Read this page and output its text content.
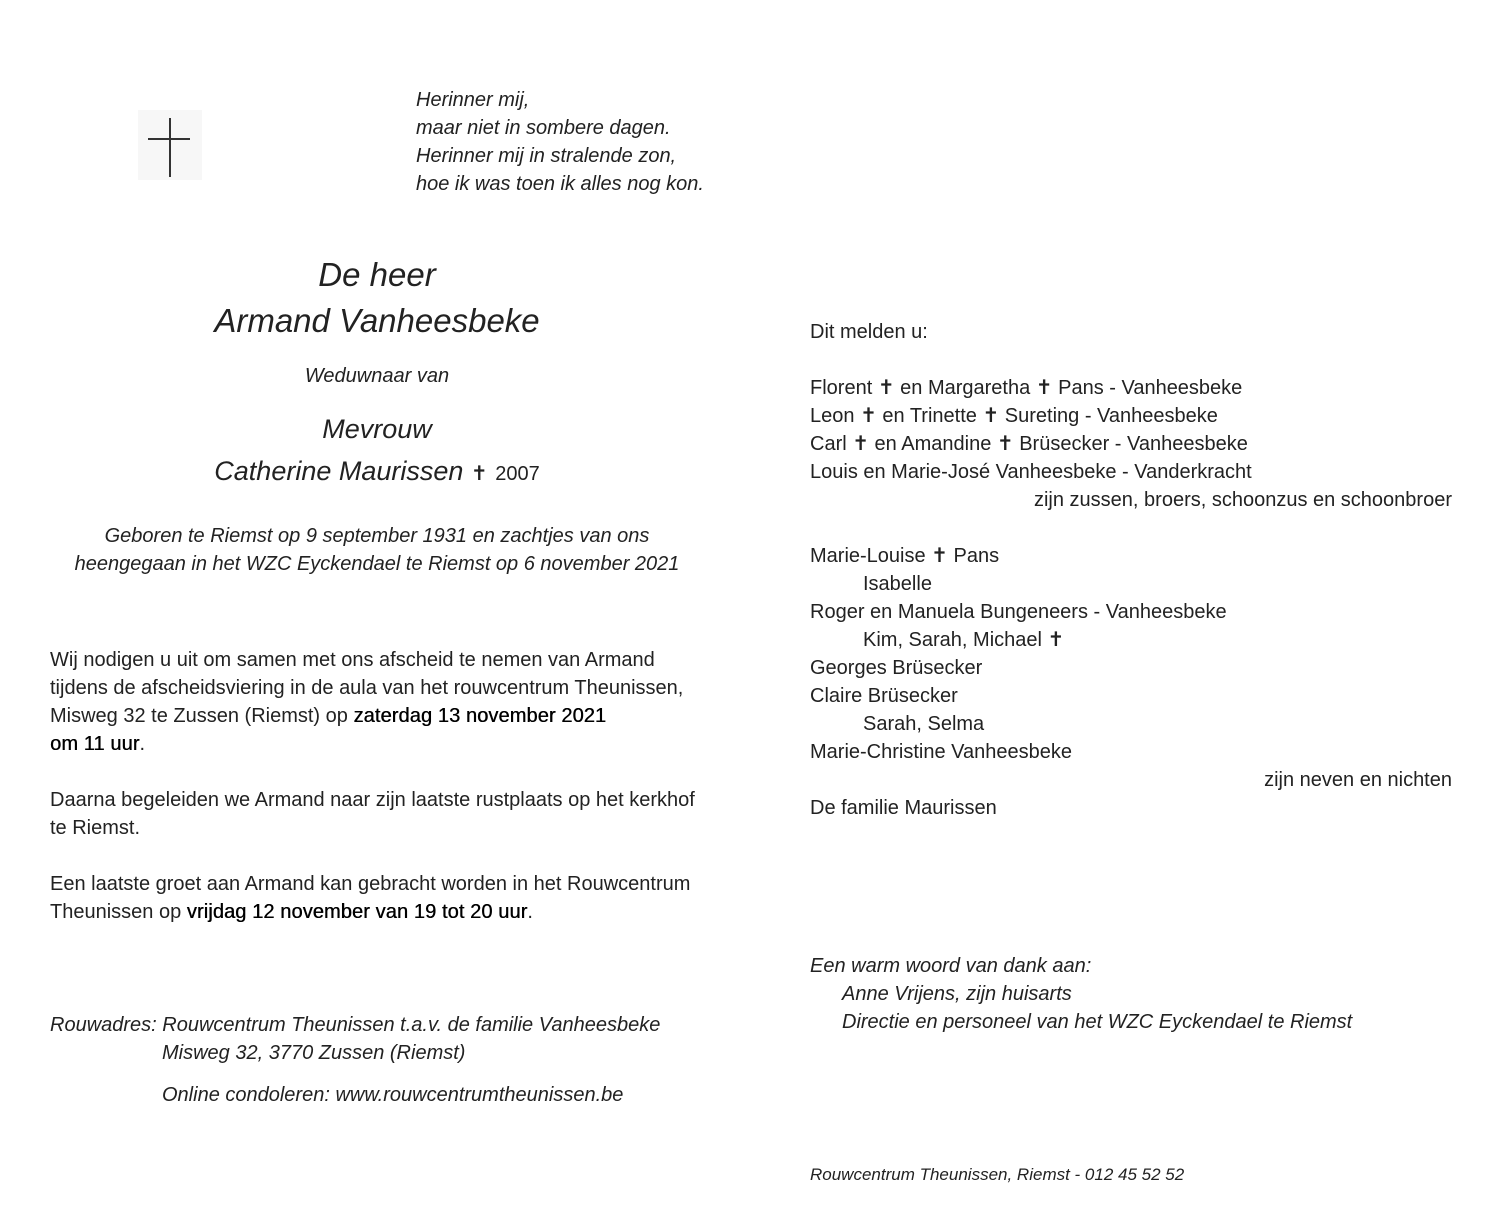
Herinner mij,
maar niet in sombere dagen.
Herinner mij in stralende zon,
hoe ik was toen ik alles nog kon.
De heer
Armand Vanheesbeke
Weduwnaar van
Mevrouw
Catherine Maurissen ✝ 2007
Geboren te Riemst op 9 september 1931 en zachtjes van ons
heengegaan in het WZC Eyckendael te Riemst op 6 november 2021
Wij nodigen u uit om samen met ons afscheid te nemen van Armand
tijdens de afscheidsviering in de aula van het rouwcentrum Theunissen,
Misweg 32 te Zussen (Riemst) op zaterdag 13 november 2021
om 11 uur.
Daarna begeleiden we Armand naar zijn laatste rustplaats op het kerkhof
te Riemst.
Een laatste groet aan Armand kan gebracht worden in het Rouwcentrum
Theunissen op vrijdag 12 november van 19 tot 20 uur.
Rouwadres: Rouwcentrum Theunissen t.a.v. de familie Vanheesbeke
Misweg 32, 3770 Zussen (Riemst)
Online condoleren: www.rouwcentrumtheunissen.be
Dit melden u:
Florent ✝ en Margaretha ✝ Pans - Vanheesbeke
Leon ✝ en Trinette ✝ Sureting - Vanheesbeke
Carl ✝ en Amandine ✝ Brüsecker - Vanheesbeke
Louis en Marie-José Vanheesbeke - Vanderkracht
zijn zussen, broers, schoonzus en schoonbroer

Marie-Louise ✝ Pans
Isabelle
Roger en Manuela Bungeneers - Vanheesbeke
Kim, Sarah, Michael ✝
Georges Brüsecker
Claire Brüsecker
Sarah, Selma
Marie-Christine Vanheesbeke
zijn neven en nichten
De familie Maurissen
Een warm woord van dank aan:
Anne Vrijens, zijn huisarts
Directie en personeel van het WZC Eyckendael te Riemst
Rouwcentrum Theunissen, Riemst - 012 45 52 52
